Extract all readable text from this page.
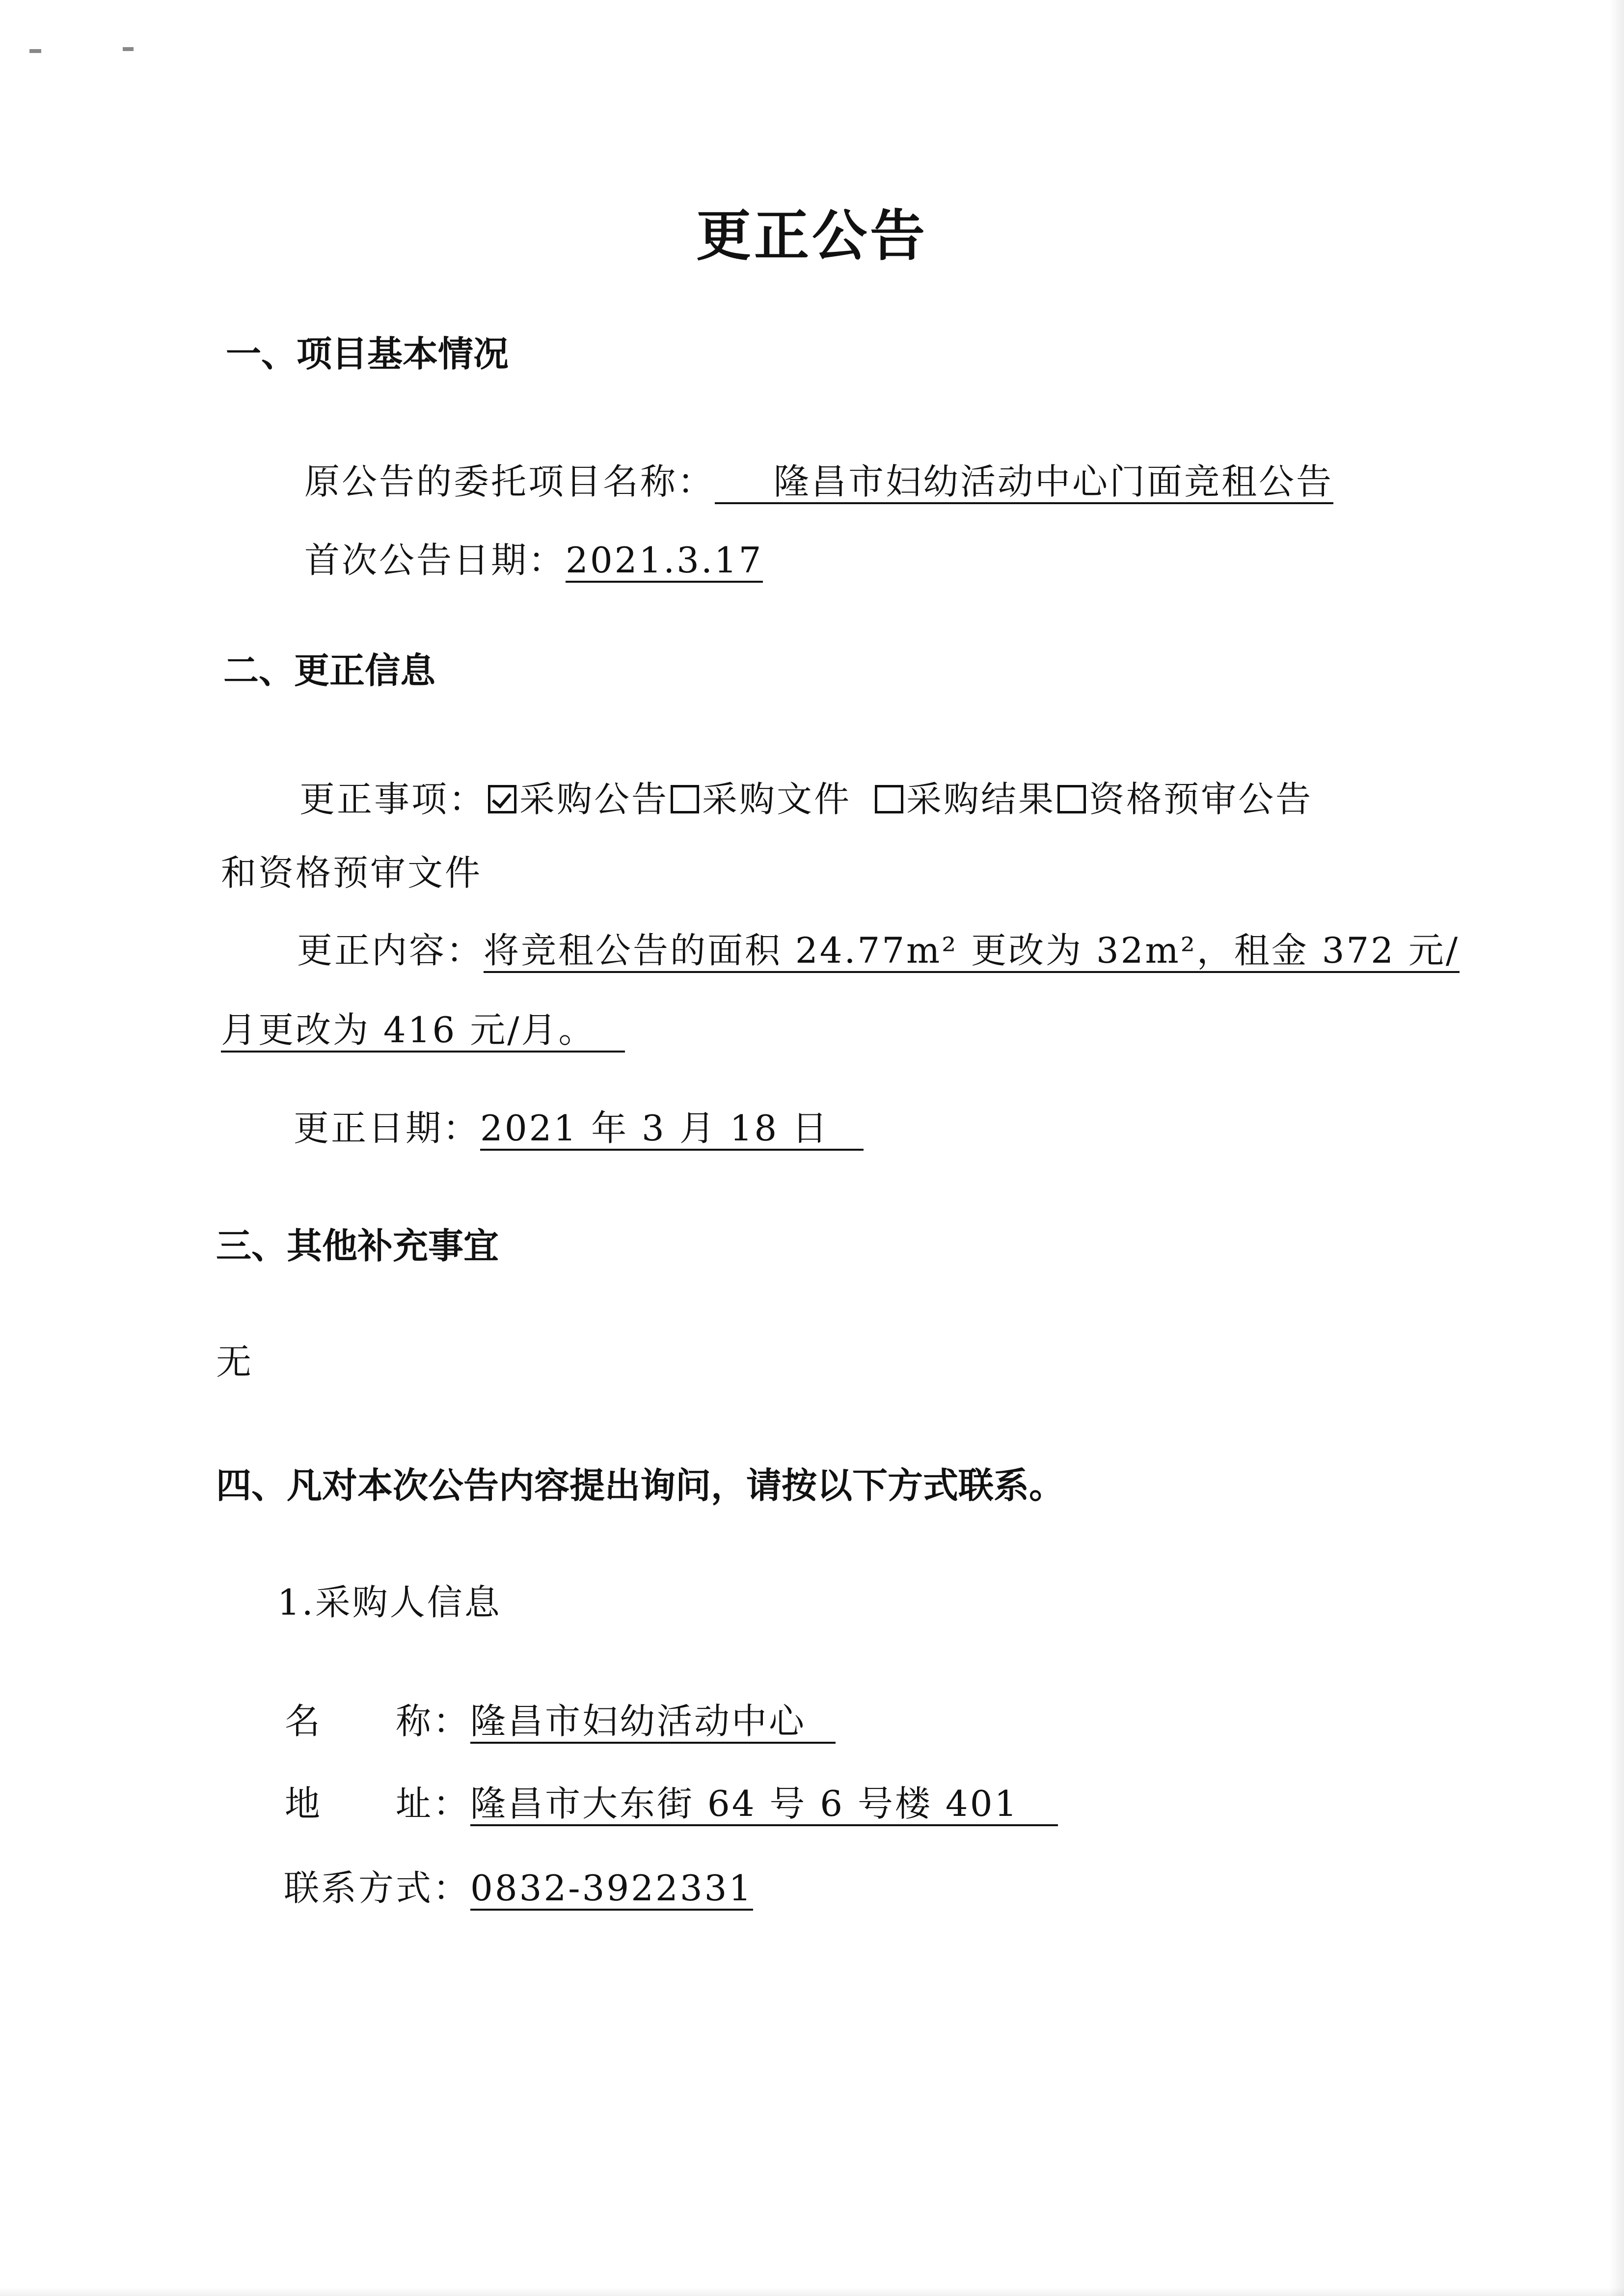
更正公告
一、项目基本情况
原公告的委托项目名称： 隆昌市妇幼活动中心门面竞租公告
首次公告日期：2021.3.17
二、更正信息
更正事项： 采购公告 采购文件 采购结果 资格预审公告
和资格预审文件
更正内容：将竞租公告的面积 24.77m² 更改为 32m²，租金 372 元/
月更改为 416 元/月。
更正日期：2021 年 3 月 18 日
三、其他补充事宜
无
四、凡对本次公告内容提出询问，请按以下方式联系。
1.采购人信息
名 称：隆昌市妇幼活动中心
地 址：隆昌市大东街 64 号 6 号楼 401
联系方式：0832-3922331
